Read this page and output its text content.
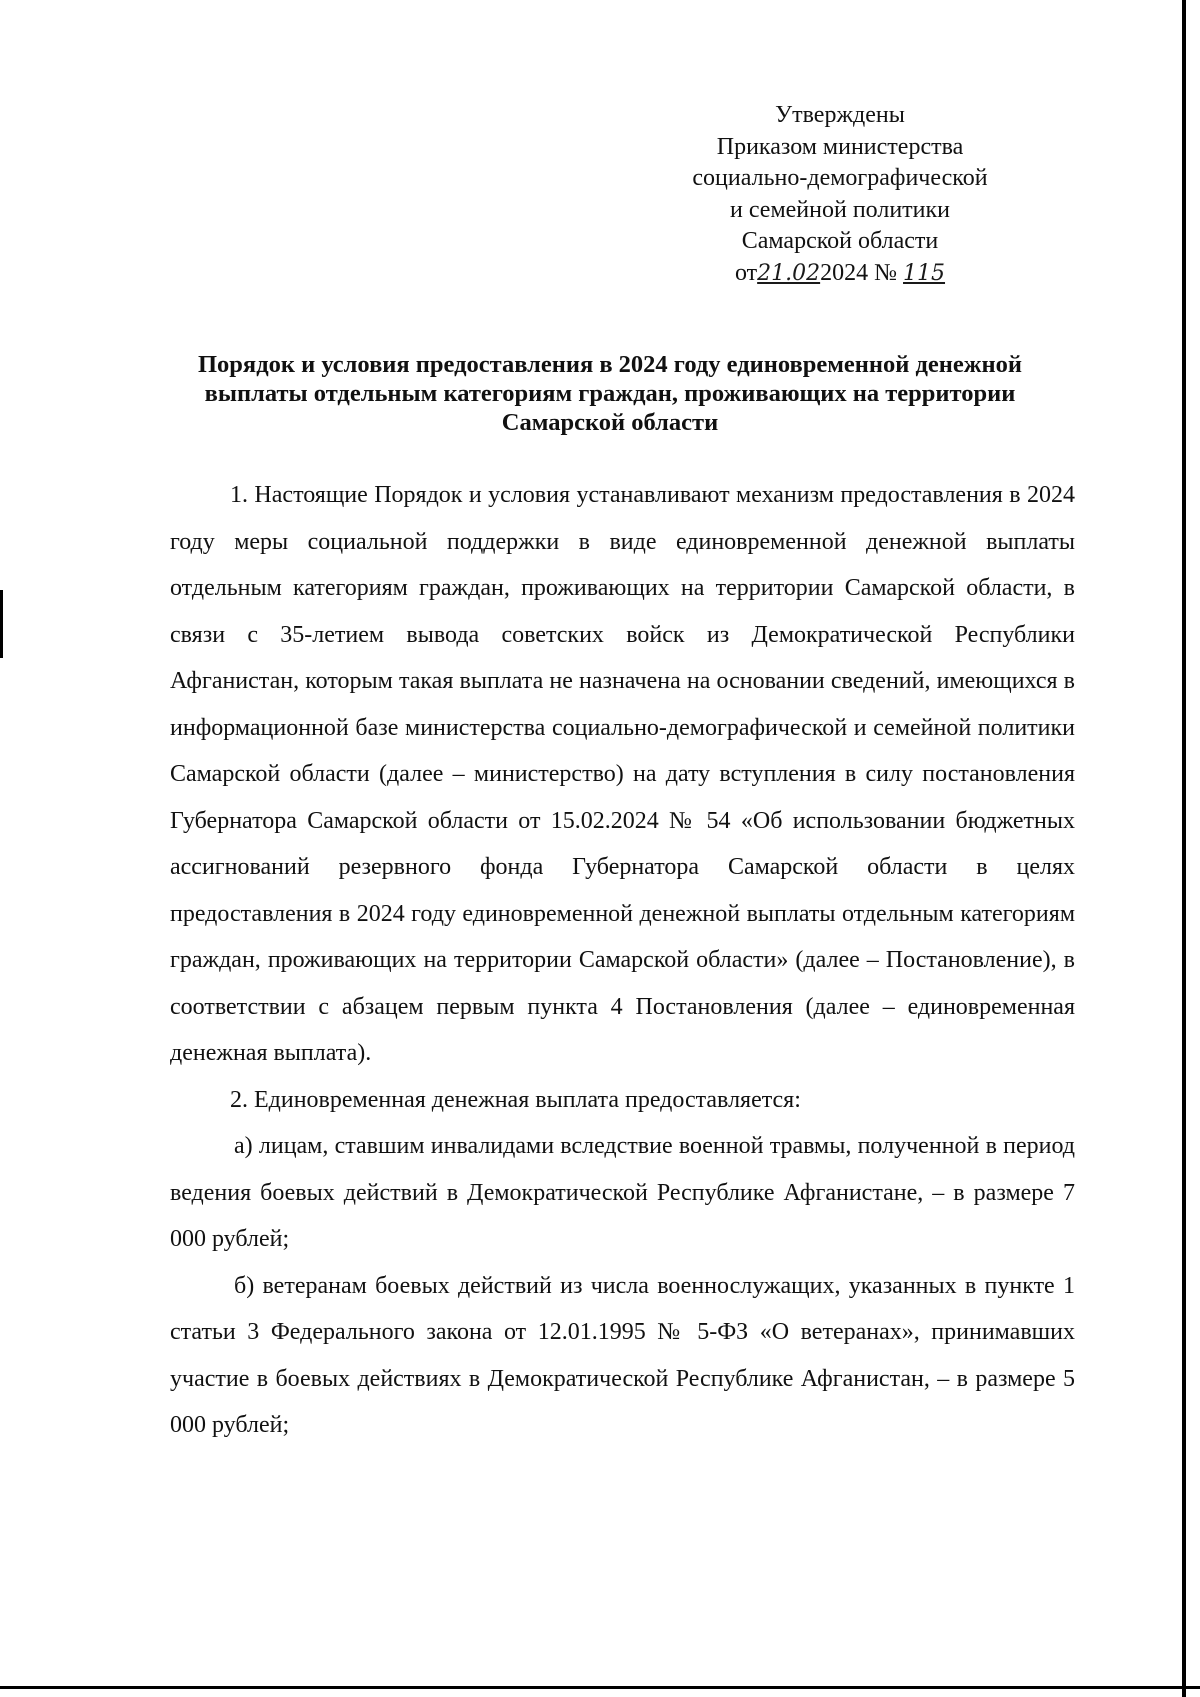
Утверждены
Приказом министерства
социально-демографической
и семейной политики
Самарской области
от21.022024 № 115
Порядок и условия предоставления в 2024 году единовременной денежной
выплаты отдельным категориям граждан, проживающих на территории
Самарской области

1. Настоящие Порядок и условия устанавливают механизм предоставления в 2024 году меры социальной поддержки в виде единовременной денежной выплаты отдельным категориям граждан, проживающих на территории Самарской области, в связи с 35-летием вывода советских войск из Демократической Республики Афганистан, которым такая выплата не назначена на основании сведений, имеющихся в информационной базе министерства социально-демографической и семейной политики Самарской области (далее – министерство) на дату вступления в силу постановления Губернатора Самарской области от 15.02.2024 № 54 «Об использовании бюджетных ассигнований резервного фонда Губернатора Самарской области в целях предоставления в 2024 году единовременной денежной выплаты отдельным категориям граждан, проживающих на территории Самарской области» (далее – Постановление), в соответствии с абзацем первым пункта 4 Постановления (далее – единовременная денежная выплата).

2. Единовременная денежная выплата предоставляется:

а) лицам, ставшим инвалидами вследствие военной травмы, полученной в период ведения боевых действий в Демократической Республике Афганистане, – в размере 7 000 рублей;

б) ветеранам боевых действий из числа военнослужащих, указанных в пункте 1 статьи 3 Федерального закона от 12.01.1995 № 5-ФЗ «О ветеранах», принимавших участие в боевых действиях в Демократической Республике Афганистан, – в размере 5 000 рублей;
